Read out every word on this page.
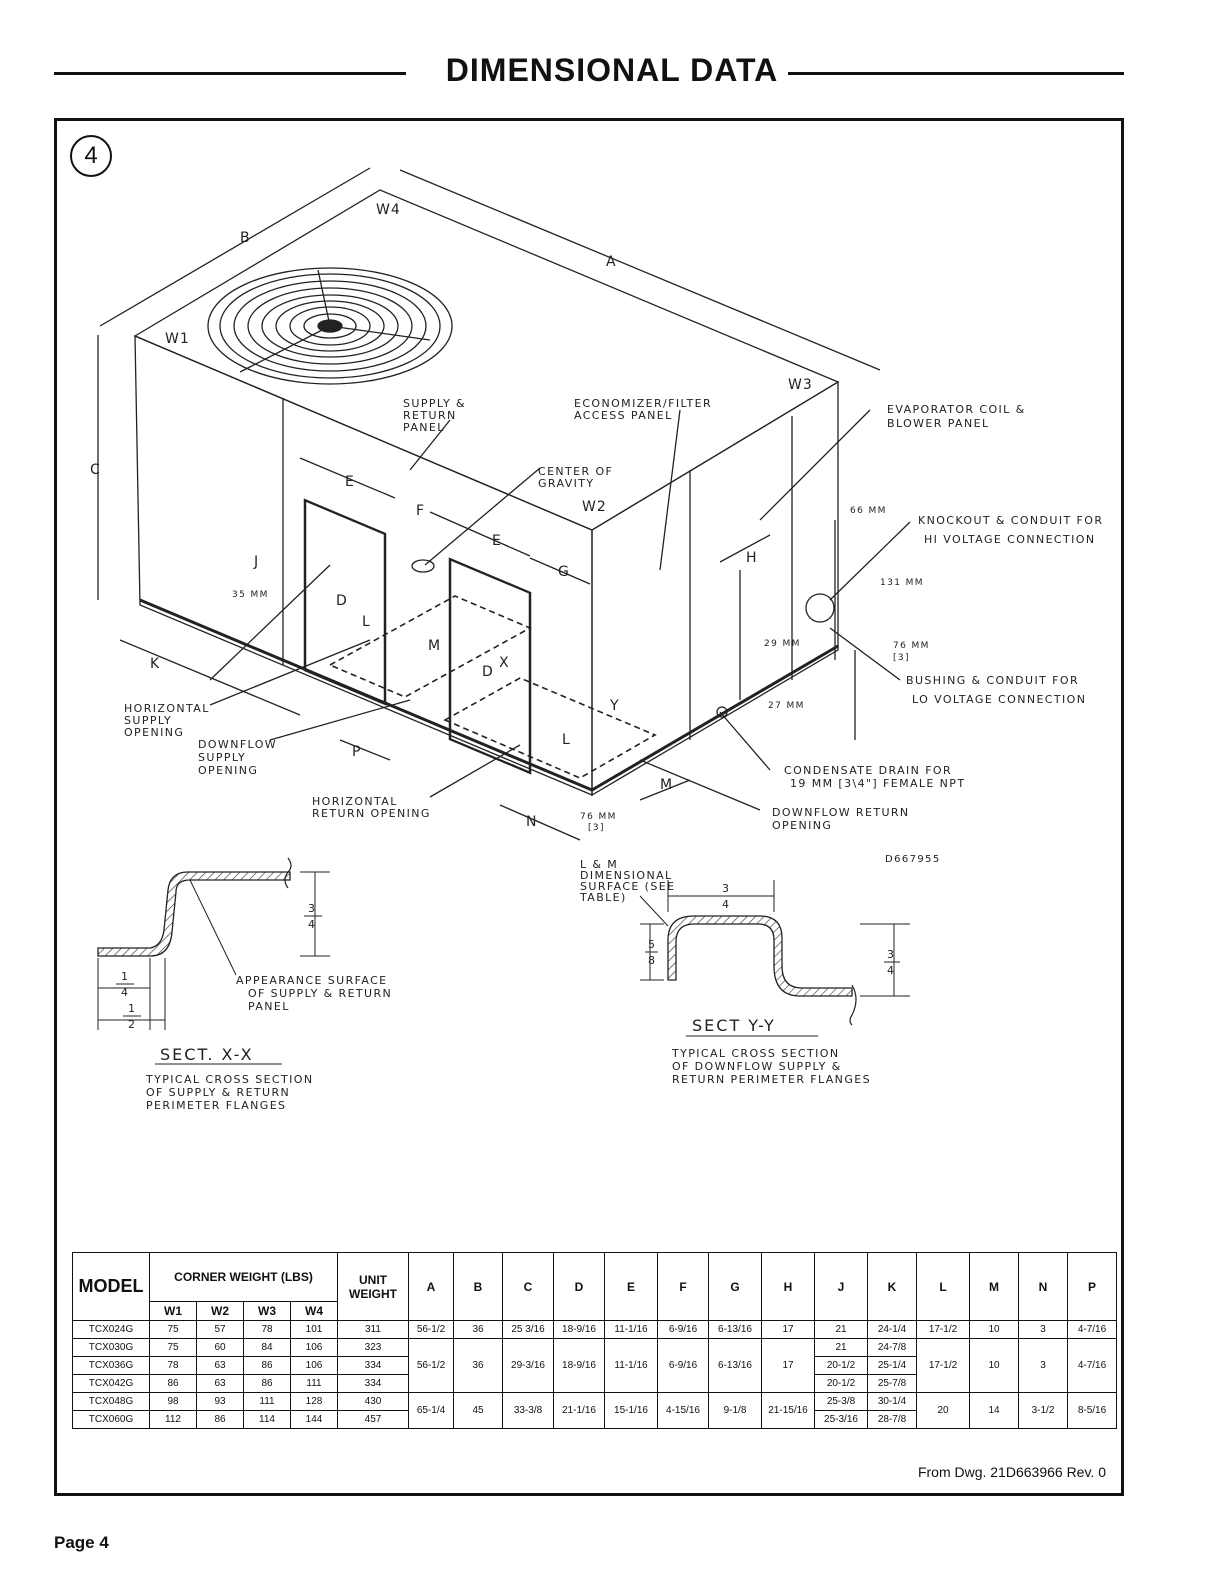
DIMENSIONAL DATA
4
B
A
C
E
F
E
G
H
J
D
D
L
M
K
P
L
M
N
W1
W2
W3
W4
X
Y
SUPPLY &
RETURN
PANEL
ECONOMIZER/FILTER
ACCESS PANEL	EVAPORATOR COIL &
BLOWER PANEL
CENTER OF
GRAVITY
KNOCKOUT & CONDUIT FOR
HI VOLTAGE CONNECTION
BUSHING & CONDUIT FOR
LO VOLTAGE CONNECTION
CONDENSATE DRAIN FOR
19 MM [3\4"] FEMALE NPT
DOWNFLOW RETURN
OPENING
HORIZONTAL
SUPPLY
OPENING
DOWNFLOW
SUPPLY
OPENING
HORIZONTAL
RETURN OPENING
66 MM
131 MM
76 MM
[3]
29 MM
27 MM
35 MM
76 MM
[3]
D667955
3
4
1
4
1
2
APPEARANCE SURFACE
OF SUPPLY & RETURN
PANEL
SECT. X-X
TYPICAL CROSS SECTION
OF SUPPLY & RETURN
PERIMETER FLANGES
3
4
5
8	3
4
L & M
DIMENSIONAL
SURFACE (SEE
TABLE)
SECT Y-Y
TYPICAL CROSS SECTION
OF DOWNFLOW SUPPLY &
RETURN PERIMETER FLANGES
MODEL	CORNER WEIGHT (LBS)				UNIT WEIGHT	A	B	C	D	E	F	G	H	J	K	L	M	N	P
	W1	W2	W3	W4															
TCX024G	75	57	78	101	311	56-1/2	36	25 3/16	18-9/16	11-1/16	6-9/16	6-13/16	17	21	24-1/4	17-1/2	10	3	4-7/16
TCX030G	75	60	84	106	323	56-1/2	36	29-3/16	18-9/16	11-1/16	6-9/16	6-13/16	17	21	24-7/8	17-1/2	10	3	4-7/16
TCX036G	78	63	86	106	334									20-1/2	25-1/4				
TCX042G	86	63	86	111	334									20-1/2	25-7/8				
TCX048G	98	93	111	128	430	65-1/4	45	33-3/8	21-1/16	15-1/16	4-15/16	9-1/8	21-15/16	25-3/8	30-1/4	20	14	3-1/2	8-5/16
TCX060G	112	86	114	144	457									25-3/16	28-7/8				
From Dwg. 21D663966 Rev. 0
Page 4
